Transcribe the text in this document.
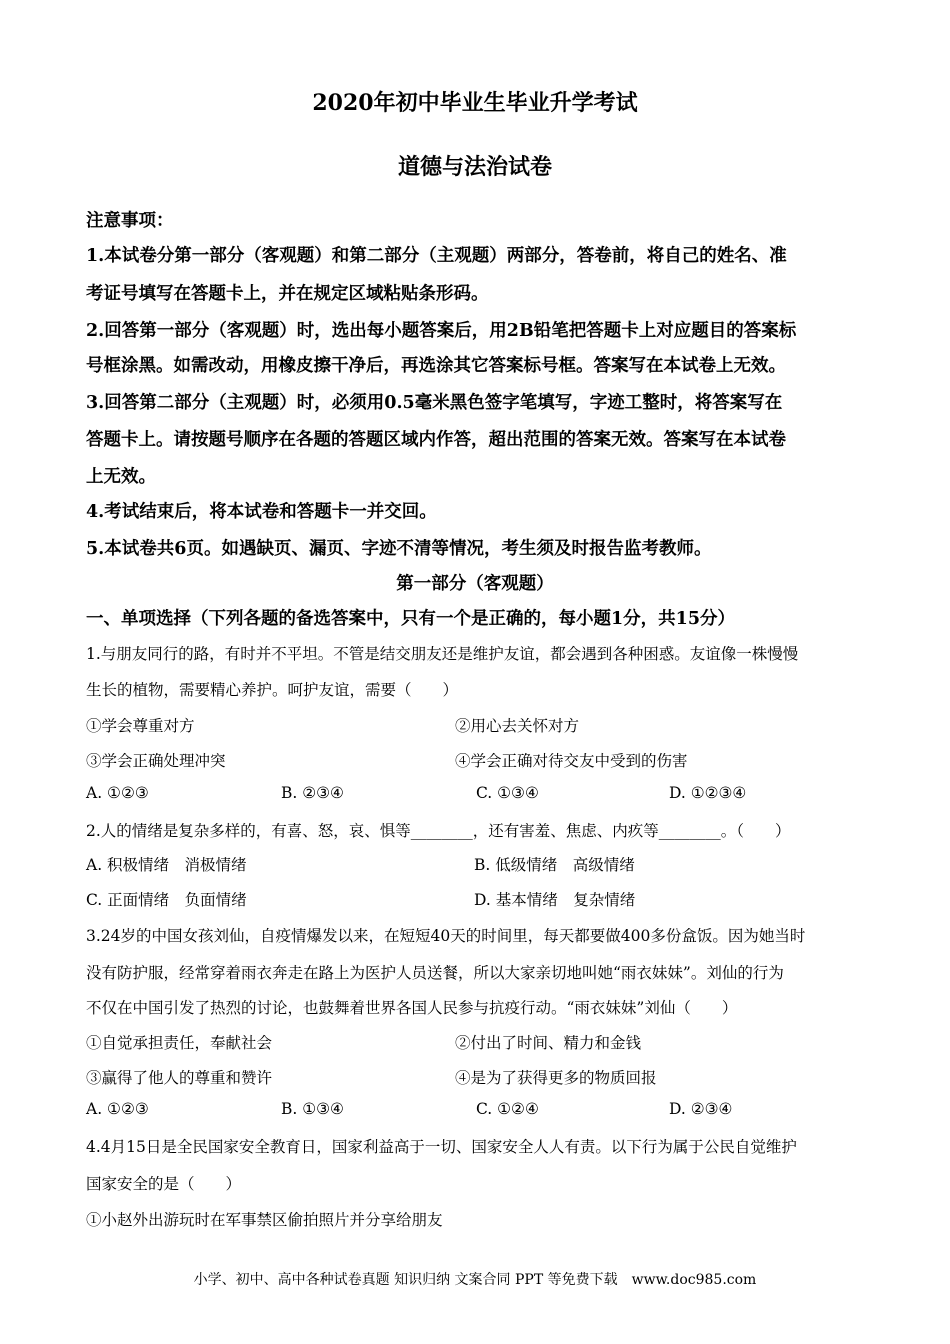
2020年初中毕业生毕业升学考试
道德与法治试卷
注意事项：
1.本试卷分第一部分（客观题）和第二部分（主观题）两部分，答卷前，将自己的姓名、准
考证号填写在答题卡上，并在规定区域粘贴条形码。
2.回答第一部分（客观题）时，选出每小题答案后，用2B铅笔把答题卡上对应题目的答案标
号框涂黑。如需改动，用橡皮擦干净后，再选涂其它答案标号框。答案写在本试卷上无效。
3.回答第二部分（主观题）时，必须用0.5毫米黑色签字笔填写，字迹工整时，将答案写在
答题卡上。请按题号顺序在各题的答题区域内作答，超出范围的答案无效。答案写在本试卷
上无效。
4.考试结束后，将本试卷和答题卡一并交回。
5.本试卷共6页。如遇缺页、漏页、字迹不清等情况，考生须及时报告监考教师。
第一部分（客观题）
一、单项选择（下列各题的备选答案中，只有一个是正确的，每小题1分，共15分）
1.与朋友同行的路，有时并不平坦。不管是结交朋友还是维护友谊，都会遇到各种困惑。友谊像一株慢慢
生长的植物，需要精心养护。呵护友谊，需要（　　）
①学会尊重对方	②用心去关怀对方
③学会正确处理冲突	④学会正确对待交友中受到的伤害
A. ①②③	B. ②③④	C. ①③④	D. ①②③④
2.人的情绪是复杂多样的，有喜、怒，哀、惧等________，还有害羞、焦虑、内疚等________。（　　）
A. 积极情绪　消极情绪	B. 低级情绪　高级情绪
C. 正面情绪　负面情绪	D. 基本情绪　复杂情绪
3.24岁的中国女孩刘仙，自疫情爆发以来，在短短40天的时间里，每天都要做400多份盒饭。因为她当时
没有防护服，经常穿着雨衣奔走在路上为医护人员送餐，所以大家亲切地叫她“雨衣妹妹”。刘仙的行为
不仅在中国引发了热烈的讨论，也鼓舞着世界各国人民参与抗疫行动。“雨衣妹妹”刘仙（　　）
①自觉承担责任，奉献社会	②付出了时间、精力和金钱
③赢得了他人的尊重和赞许	④是为了获得更多的物质回报
A. ①②③	B. ①③④	C. ①②④	D. ②③④
4.4月15日是全民国家安全教育日，国家利益高于一切、国家安全人人有责。以下行为属于公民自觉维护
国家安全的是（　　）
①小赵外出游玩时在军事禁区偷拍照片并分享给朋友
小学、初中、高中各种试卷真题 知识归纳 文案合同 PPT 等免费下载　www.doc985.com
